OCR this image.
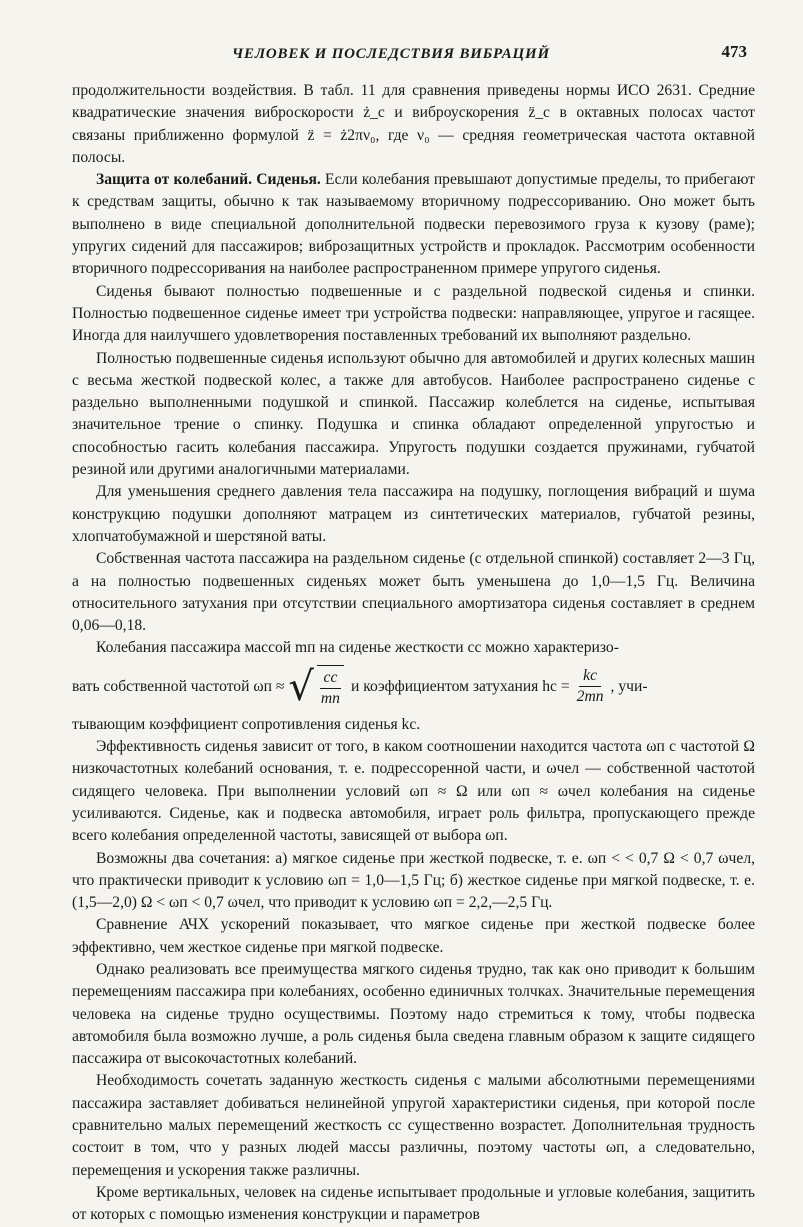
ЧЕЛОВЕК И ПОСЛЕДСТВИЯ ВИБРАЦИЙ	473

продолжительности воздействия. В табл. 11 для сравнения приведены нормы ИСО 2631. Средние квадратические значения виброскорости ż_c и виброускорения z̈_c в октавных полосах частот связаны приближенно формулой z̈ = ż2πν₀, где ν₀ — средняя геометрическая частота октавной полосы.

Защита от колебаний. Сиденья. Если колебания превышают допустимые пределы, то прибегают к средствам защиты, обычно к так называемому вторичному подрессориванию. Оно может быть выполнено в виде специальной дополнительной подвески перевозимого груза к кузову (раме); упругих сидений для пассажиров; виброзащитных устройств и прокладок. Рассмотрим особенности вторичного подрессоривания на наиболее распространенном примере упругого сиденья.

Сиденья бывают полностью подвешенные и с раздельной подвеской сиденья и спинки. Полностью подвешенное сиденье имеет три устройства подвески: направляющее, упругое и гасящее. Иногда для наилучшего удовлетворения поставленных требований их выполняют раздельно.

Полностью подвешенные сиденья используют обычно для автомобилей и других колесных машин с весьма жесткой подвеской колес, а также для автобусов. Наиболее распространено сиденье с раздельно выполненными подушкой и спинкой. Пассажир колеблется на сиденье, испытывая значительное трение о спинку. Подушка и спинка обладают определенной упругостью и способностью гасить колебания пассажира. Упругость подушки создается пружинами, губчатой резиной или другими аналогичными материалами.

Для уменьшения среднего давления тела пассажира на подушку, поглощения вибраций и шума конструкцию подушки дополняют матрацем из синтетических материалов, губчатой резины, хлопчатобумажной и шерстяной ваты.

Собственная частота пассажира на раздельном сиденье (с отдельной спинкой) составляет 2—3 Гц, а на полностью подвешенных сиденьях может быть уменьшена до 1,0—1,5 Гц. Величина относительного затухания при отсутствии специального амортизатора сиденья составляет в среднем 0,06—0,18.

Колебания пассажира массой mп на сиденье жесткости cc можно характеризо-

вать собственной частотой ωп ≈ √ $\frac{cc}{mп}$ и коэффициентом затухания hc = $\frac{kc}{2mп}$ , учи-

тывающим коэффициент сопротивления сиденья kc.

Эффективность сиденья зависит от того, в каком соотношении находится частота ωп с частотой Ω низкочастотных колебаний основания, т. е. подрессоренной части, и ωчел — собственной частотой сидящего человека. При выполнении условий ωп ≈ Ω или ωп ≈ ωчел колебания на сиденье усиливаются. Сиденье, как и подвеска автомобиля, играет роль фильтра, пропускающего прежде всего колебания определенной частоты, зависящей от выбора ωп.

Возможны два сочетания: а) мягкое сиденье при жесткой подвеске, т. е. ωп < < 0,7 Ω < 0,7 ωчел, что практически приводит к условию ωп = 1,0—1,5 Гц; б) жесткое сиденье при мягкой подвеске, т. е. (1,5—2,0) Ω < ωп < 0,7 ωчел, что приводит к условию ωп = 2,2,—2,5 Гц.

Сравнение АЧХ ускорений показывает, что мягкое сиденье при жесткой подвеске более эффективно, чем жесткое сиденье при мягкой подвеске.

Однако реализовать все преимущества мягкого сиденья трудно, так как оно приводит к большим перемещениям пассажира при колебаниях, особенно единичных толчках. Значительные перемещения человека на сиденье трудно осуществимы. Поэтому надо стремиться к тому, чтобы подвеска автомобиля была возможно лучше, а роль сиденья была сведена главным образом к защите сидящего пассажира от высокочастотных колебаний.

Необходимость сочетать заданную жесткость сиденья с малыми абсолютными перемещениями пассажира заставляет добиваться нелинейной упругой характеристики сиденья, при которой после сравнительно малых перемещений жесткость cc существенно возрастет. Дополнительная трудность состоит в том, что у разных людей массы различны, поэтому частоты ωп, а следовательно, перемещения и ускорения также различны.

Кроме вертикальных, человек на сиденье испытывает продольные и угловые колебания, защитить от которых с помощью изменения конструкции и параметров
